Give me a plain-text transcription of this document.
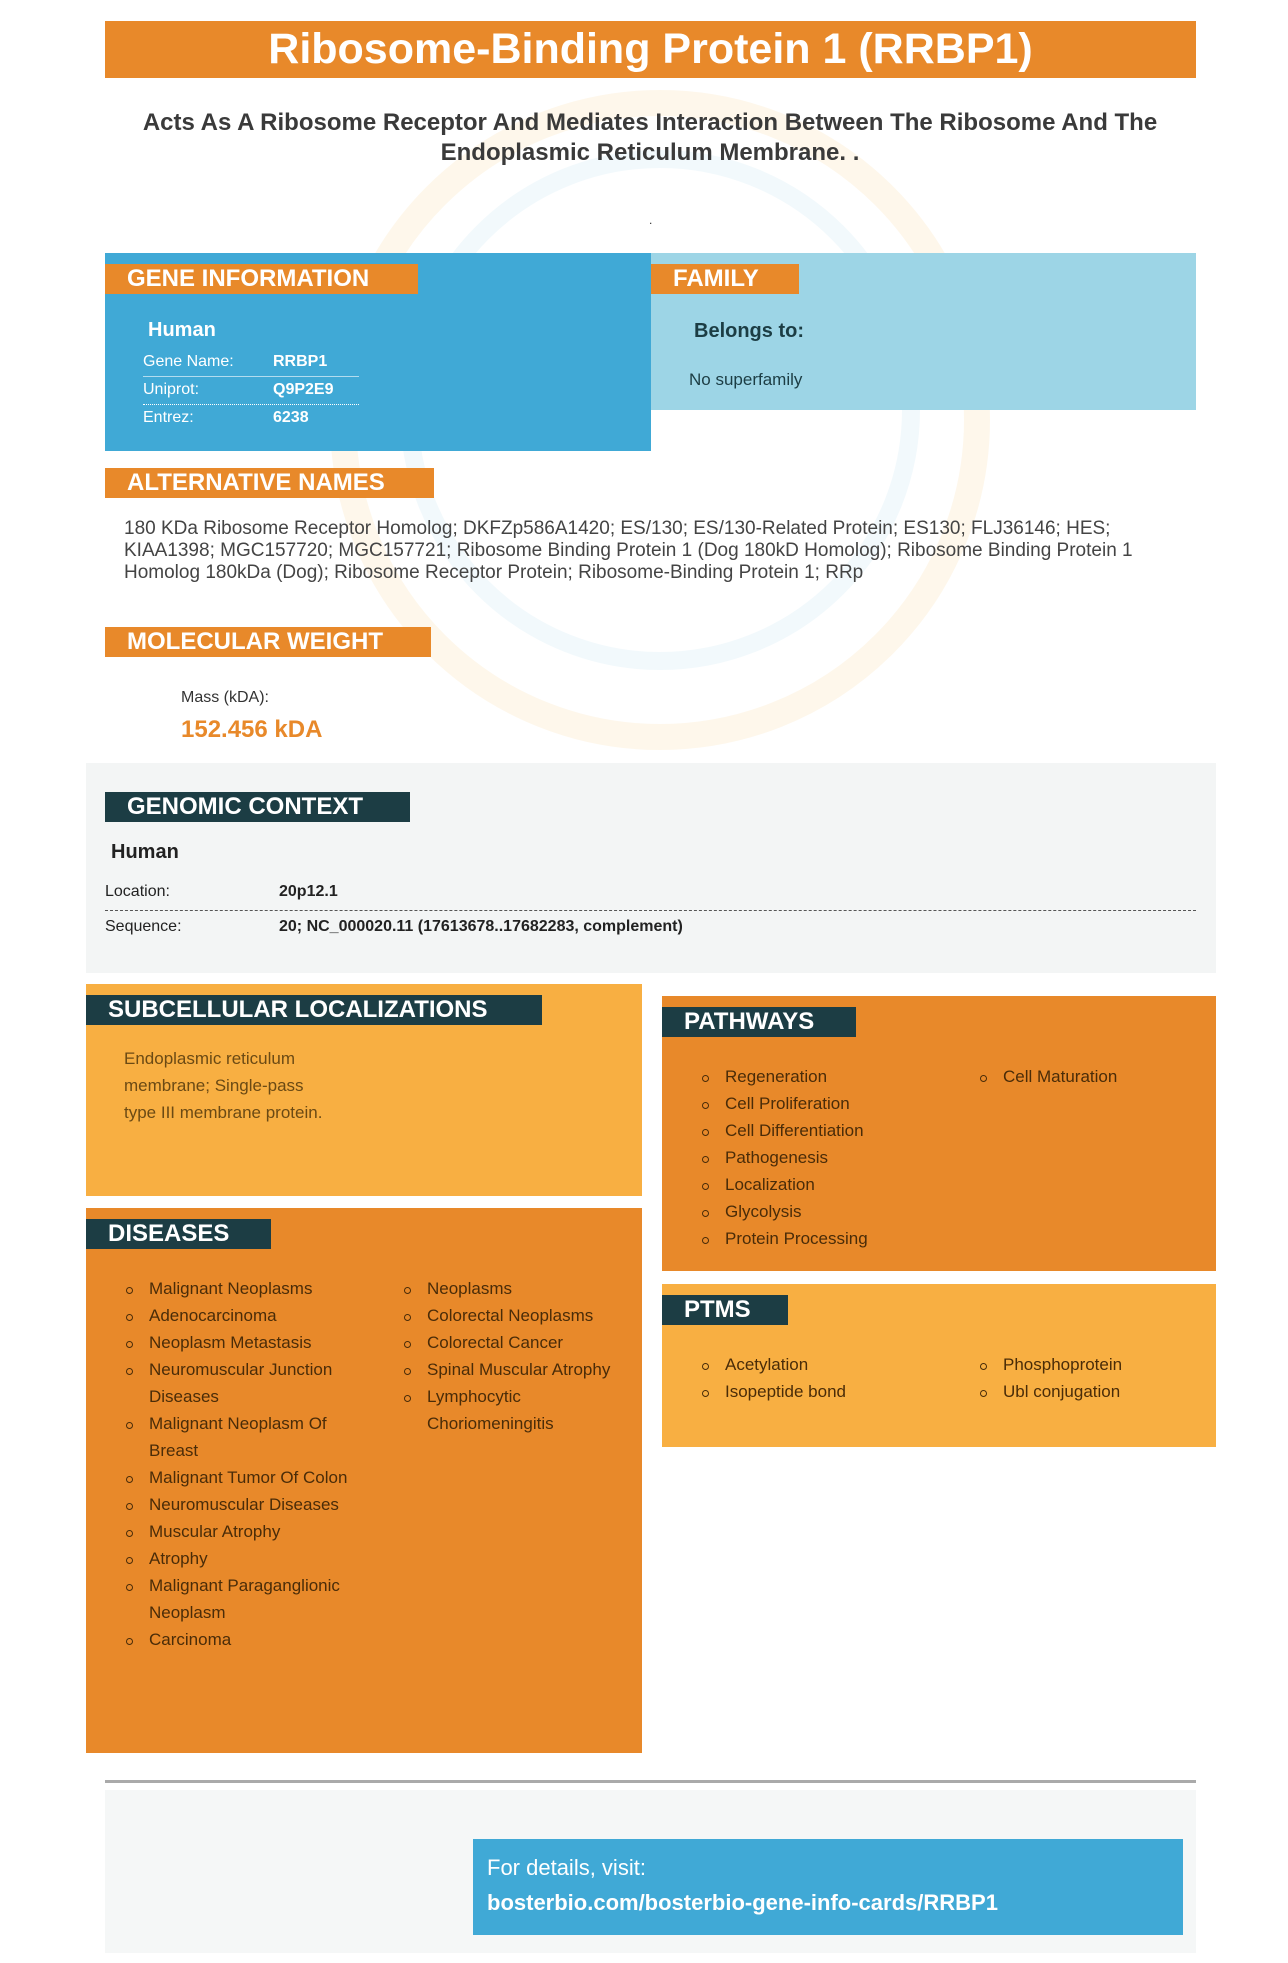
Ribosome-Binding Protein 1 (RRBP1)
Acts As A Ribosome Receptor And Mediates Interaction Between The Ribosome And The Endoplasmic Reticulum Membrane. .
.
GENE INFORMATION
Human
Gene Name:	RRBP1
Uniprot:	Q9P2E9
Entrez:	6238
FAMILY
Belongs to:
No superfamily
ALTERNATIVE NAMES
180 KDa Ribosome Receptor Homolog; DKFZp586A1420; ES/130; ES/130-Related Protein; ES130; FLJ36146; HES; KIAA1398; MGC157720; MGC157721; Ribosome Binding Protein 1 (Dog 180kD Homolog); Ribosome Binding Protein 1 Homolog 180kDa (Dog); Ribosome Receptor Protein; Ribosome-Binding Protein 1; RRp
MOLECULAR WEIGHT
Mass (kDA):
152.456 kDA
GENOMIC CONTEXT
Human
Location:	20p12.1
Sequence:	20; NC_000020.11 (17613678..17682283, complement)
SUBCELLULAR LOCALIZATIONS
Endoplasmic reticulum membrane; Single-pass type III membrane protein.
DISEASES
Malignant Neoplasms
Adenocarcinoma
Neoplasm Metastasis
Neuromuscular Junction Diseases
Malignant Neoplasm Of Breast
Malignant Tumor Of Colon
Neuromuscular Diseases
Muscular Atrophy
Atrophy
Malignant Paraganglionic Neoplasm
Carcinoma
Neoplasms
Colorectal Neoplasms
Colorectal Cancer
Spinal Muscular Atrophy
Lymphocytic Choriomeningitis
PATHWAYS
Regeneration
Cell Proliferation
Cell Differentiation
Pathogenesis
Localization
Glycolysis
Protein Processing
Cell Maturation
PTMS
Acetylation
Isopeptide bond
Phosphoprotein
Ubl conjugation
For details, visit:
bosterbio.com/bosterbio-gene-info-cards/RRBP1
